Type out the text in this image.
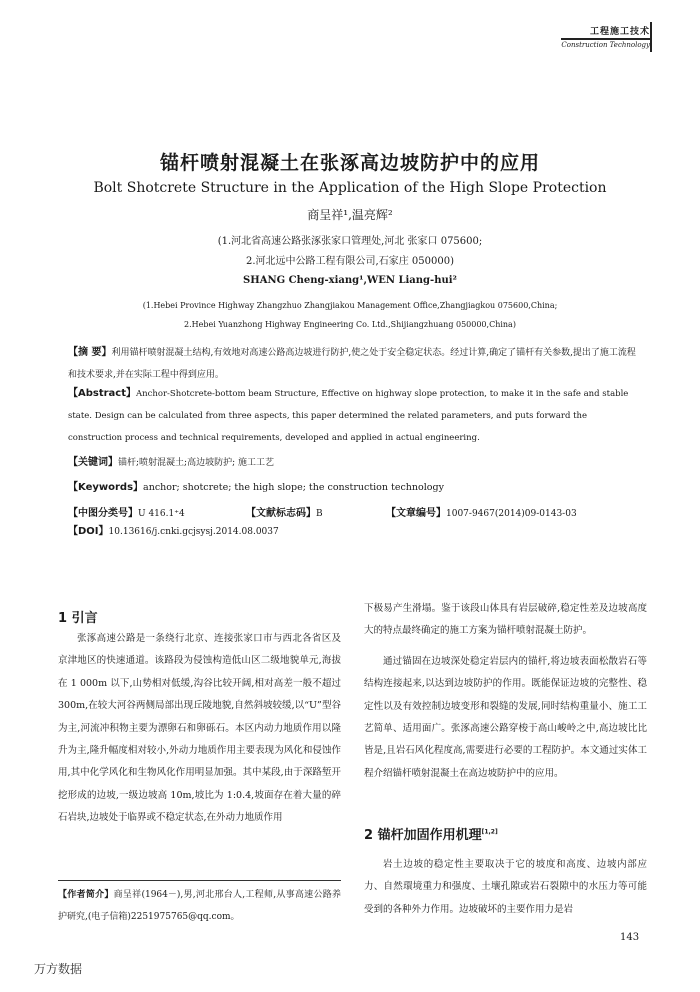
工程施工技术
Construction Technology
锚杆喷射混凝土在张涿高边坡防护中的应用
Bolt Shotcrete Structure in the Application of the High Slope Protection
商呈祥¹,温亮辉²
(1.河北省高速公路张涿张家口管理处,河北 张家口 075600;
2.河北远中公路工程有限公司,石家庄 050000)
SHANG Cheng-xiang¹,WEN Liang-hui²
(1.Hebei Province Highway Zhangzhuo Zhangjiakou Management Office,Zhangjiagkou 075600,China;
2.Hebei Yuanzhong Highway Engineering Co. Ltd.,Shijiangzhuang 050000,China)
【摘 要】利用锚杆喷射混凝土结构,有效地对高速公路高边坡进行防护,使之处于安全稳定状态。经过计算,确定了锚杆有关参数,提出了施工流程和技术要求,并在实际工程中得到应用。
【Abstract】Anchor-Shotcrete-bottom beam Structure, Effective on highway slope protection, to make it in the safe and stable state. Design can be calculated from three aspects, this paper determined the related parameters, and puts forward the construction process and technical requirements, developed and applied in actual engineering.
【关键词】锚杆;喷射混凝土;高边坡防护; 施工工艺
【Keywords】anchor; shotcrete; the high slope; the construction technology
【中图分类号】U 416.1⁺4	【文献标志码】B	【文章编号】1007-9467(2014)09-0143-03
【DOI】10.13616/j.cnki.gcjsysj.2014.08.0037
1 引言

张涿高速公路是一条绕行北京、连接张家口市与西北各省区及京津地区的快速通道。该路段为侵蚀构造低山区二级地貌单元,海拔在 1 000m 以下,山势相对低缓,沟谷比较开阔,相对高差一般不超过 300m,在较大河谷两侧局部出现丘陵地貌,自然斜坡较缓,以“U”型谷为主,河流冲积物主要为漂卵石和卵砾石。本区内动力地质作用以隆升为主,隆升幅度相对较小,外动力地质作用主要表现为风化和侵蚀作用,其中化学风化和生物风化作用明显加强。其中某段,由于深路堑开挖形成的边坡,一级边坡高 10m,坡比为 1:0.4,坡面存在着大量的碎石岩块,边坡处于临界或不稳定状态,在外动力地质作用

下极易产生滑塌。鉴于该段山体具有岩层破碎,稳定性差及边坡高度大的特点最终确定的施工方案为锚杆喷射混凝土防护。

通过锚固在边坡深处稳定岩层内的锚杆,将边坡表面松散岩石等结构连接起来,以达到边坡防护的作用。既能保证边坡的完整性、稳定性以及有效控制边坡变形和裂缝的发展,同时结构重量小、施工工艺简单、适用面广。张涿高速公路穿梭于高山峻岭之中,高边坡比比皆是,且岩石风化程度高,需要进行必要的工程防护。本文通过实体工程介绍锚杆喷射混凝土在高边坡防护中的应用。

2 锚杆加固作用机理[1,2]

岩土边坡的稳定性主要取决于它的坡度和高度、边坡内部应力、自然環境重力和强度、土壤孔隙或岩石裂隙中的水压力等可能受到的各种外力作用。边坡破坏的主要作用力是岩

【作者简介】商呈祥(1964－),男,河北邢台人,工程师,从事高速公路养护研究,(电子信箱)2251975765@qq.com。
143
万方数据
